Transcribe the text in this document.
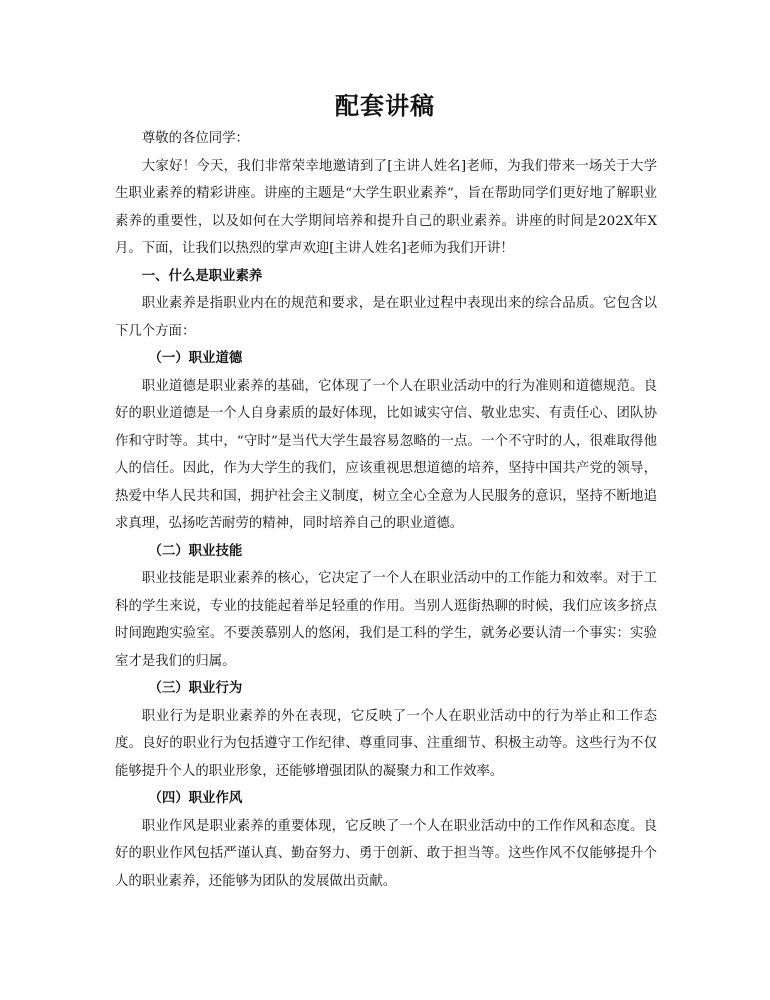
配套讲稿

尊敬的各位同学：

大家好！今天，我们非常荣幸地邀请到了[主讲人姓名]老师，为我们带来一场关于大学生职业素养的精彩讲座。讲座的主题是“大学生职业素养”，旨在帮助同学们更好地了解职业素养的重要性，以及如何在大学期间培养和提升自己的职业素养。讲座的时间是202X年X月。下面，让我们以热烈的掌声欢迎[主讲人姓名]老师为我们开讲！

一、什么是职业素养

职业素养是指职业内在的规范和要求，是在职业过程中表现出来的综合品质。它包含以下几个方面：

（一）职业道德

职业道德是职业素养的基础，它体现了一个人在职业活动中的行为准则和道德规范。良好的职业道德是一个人自身素质的最好体现，比如诚实守信、敬业忠实、有责任心、团队协作和守时等。其中，“守时”是当代大学生最容易忽略的一点。一个不守时的人，很难取得他人的信任。因此，作为大学生的我们，应该重视思想道德的培养，坚持中国共产党的领导，热爱中华人民共和国，拥护社会主义制度，树立全心全意为人民服务的意识，坚持不断地追求真理，弘扬吃苦耐劳的精神，同时培养自己的职业道德。

（二）职业技能

职业技能是职业素养的核心，它决定了一个人在职业活动中的工作能力和效率。对于工科的学生来说，专业的技能起着举足轻重的作用。当别人逛街热聊的时候，我们应该多挤点时间跑跑实验室。不要羡慕别人的悠闲，我们是工科的学生，就务必要认清一个事实：实验室才是我们的归属。

（三）职业行为

职业行为是职业素养的外在表现，它反映了一个人在职业活动中的行为举止和工作态度。良好的职业行为包括遵守工作纪律、尊重同事、注重细节、积极主动等。这些行为不仅能够提升个人的职业形象，还能够增强团队的凝聚力和工作效率。

（四）职业作风

职业作风是职业素养的重要体现，它反映了一个人在职业活动中的工作作风和态度。良好的职业作风包括严谨认真、勤奋努力、勇于创新、敢于担当等。这些作风不仅能够提升个人的职业素养，还能够为团队的发展做出贡献。
